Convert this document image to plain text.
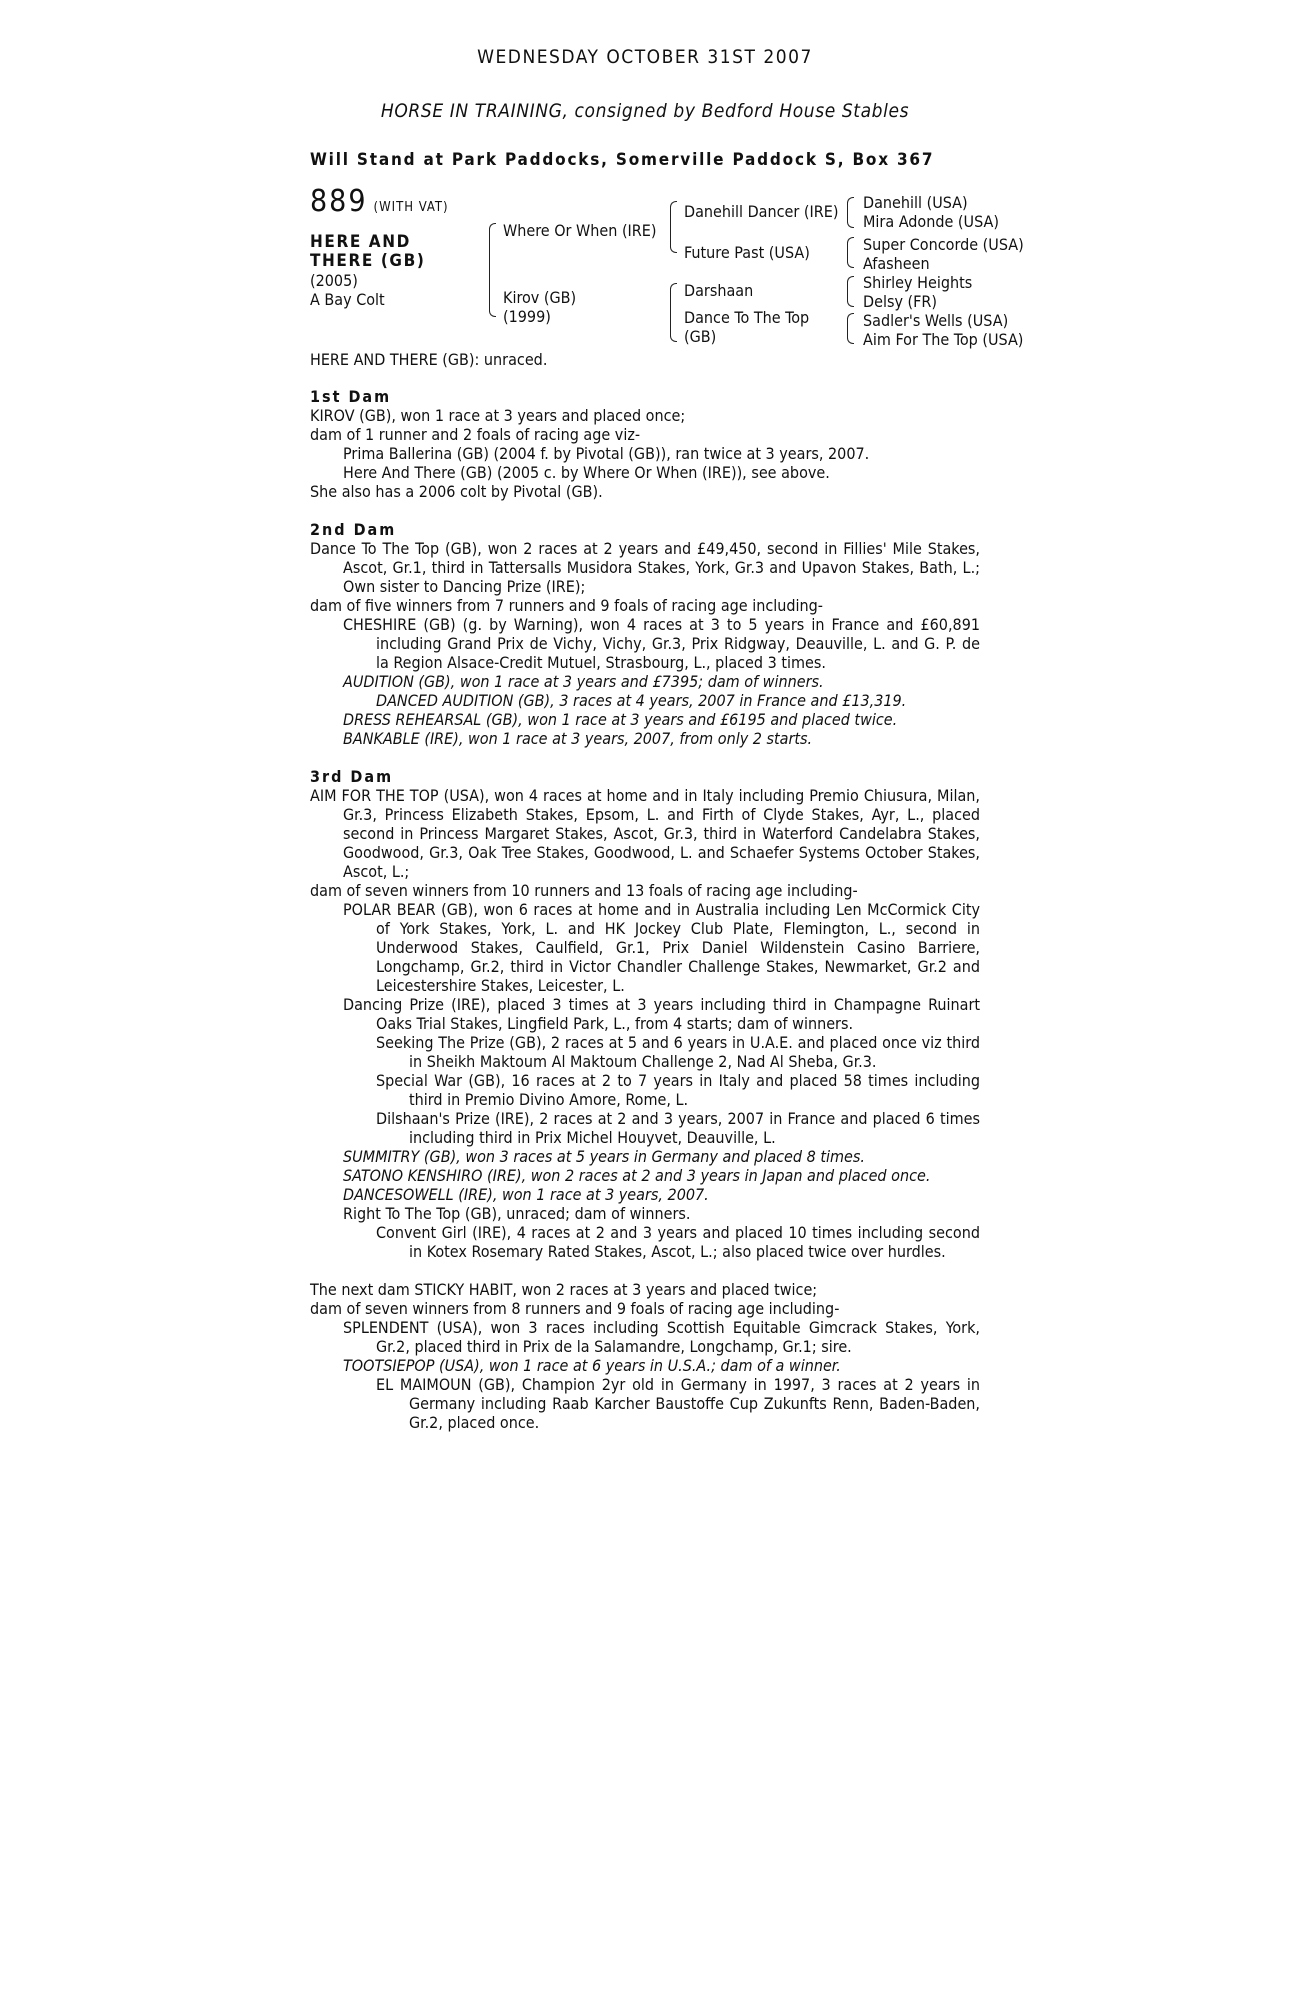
WEDNESDAY OCTOBER 31ST 2007
HORSE IN TRAINING, consigned by Bedford House Stables
Will Stand at Park Paddocks, Somerville Paddock S, Box 367
889 (WITH VAT)
HERE AND THERE (GB)
(2005)
A Bay Colt
Where Or When (IRE)
Kirov (GB)
(1999)
Danehill Dancer (IRE)
Future Past (USA)
Darshaan
Dance To The Top
(GB)
Danehill (USA)
Mira Adonde (USA)
Super Concorde (USA)
Afasheen
Shirley Heights
Delsy (FR)
Sadler's Wells (USA)
Aim For The Top (USA)
HERE AND THERE (GB): unraced.

1st Dam

KIROV (GB), won 1 race at 3 years and placed once;

dam of 1 runner and 2 foals of racing age viz-

Prima Ballerina (GB) (2004 f. by Pivotal (GB)), ran twice at 3 years, 2007.

Here And There (GB) (2005 c. by Where Or When (IRE)), see above.

She also has a 2006 colt by Pivotal (GB).

2nd Dam

Dance To The Top (GB), won 2 races at 2 years and £49,450, second in Fillies' Mile Stakes, Ascot, Gr.1, third in Tattersalls Musidora Stakes, York, Gr.3 and Upavon Stakes, Bath, L.; Own sister to Dancing Prize (IRE);

dam of five winners from 7 runners and 9 foals of racing age including-

CHESHIRE (GB) (g. by Warning), won 4 races at 3 to 5 years in France and £60,891 including Grand Prix de Vichy, Vichy, Gr.3, Prix Ridgway, Deauville, L. and G. P. de la Region Alsace-Credit Mutuel, Strasbourg, L., placed 3 times.

AUDITION (GB), won 1 race at 3 years and £7395; dam of winners.

DANCED AUDITION (GB), 3 races at 4 years, 2007 in France and £13,319.

DRESS REHEARSAL (GB), won 1 race at 3 years and £6195 and placed twice.

BANKABLE (IRE), won 1 race at 3 years, 2007, from only 2 starts.

3rd Dam

AIM FOR THE TOP (USA), won 4 races at home and in Italy including Premio Chiusura, Milan, Gr.3, Princess Elizabeth Stakes, Epsom, L. and Firth of Clyde Stakes, Ayr, L., placed second in Princess Margaret Stakes, Ascot, Gr.3, third in Waterford Candelabra Stakes, Goodwood, Gr.3, Oak Tree Stakes, Goodwood, L. and Schaefer Systems October Stakes, Ascot, L.;

dam of seven winners from 10 runners and 13 foals of racing age including-

POLAR BEAR (GB), won 6 races at home and in Australia including Len McCormick City of York Stakes, York, L. and HK Jockey Club Plate, Flemington, L., second in Underwood Stakes, Caulfield, Gr.1, Prix Daniel Wildenstein Casino Barriere, Longchamp, Gr.2, third in Victor Chandler Challenge Stakes, Newmarket, Gr.2 and Leicestershire Stakes, Leicester, L.

Dancing Prize (IRE), placed 3 times at 3 years including third in Champagne Ruinart Oaks Trial Stakes, Lingfield Park, L., from 4 starts; dam of winners.

Seeking The Prize (GB), 2 races at 5 and 6 years in U.A.E. and placed once viz third in Sheikh Maktoum Al Maktoum Challenge 2, Nad Al Sheba, Gr.3.

Special War (GB), 16 races at 2 to 7 years in Italy and placed 58 times including third in Premio Divino Amore, Rome, L.

Dilshaan's Prize (IRE), 2 races at 2 and 3 years, 2007 in France and placed 6 times including third in Prix Michel Houyvet, Deauville, L.

SUMMITRY (GB), won 3 races at 5 years in Germany and placed 8 times.

SATONO KENSHIRO (IRE), won 2 races at 2 and 3 years in Japan and placed once.

DANCESOWELL (IRE), won 1 race at 3 years, 2007.

Right To The Top (GB), unraced; dam of winners.

Convent Girl (IRE), 4 races at 2 and 3 years and placed 10 times including second in Kotex Rosemary Rated Stakes, Ascot, L.; also placed twice over hurdles.

The next dam STICKY HABIT, won 2 races at 3 years and placed twice;

dam of seven winners from 8 runners and 9 foals of racing age including-

SPLENDENT (USA), won 3 races including Scottish Equitable Gimcrack Stakes, York, Gr.2, placed third in Prix de la Salamandre, Longchamp, Gr.1; sire.

TOOTSIEPOP (USA), won 1 race at 6 years in U.S.A.; dam of a winner.

EL MAIMOUN (GB), Champion 2yr old in Germany in 1997, 3 races at 2 years in Germany including Raab Karcher Baustoffe Cup Zukunfts Renn, Baden-Baden, Gr.2, placed once.
